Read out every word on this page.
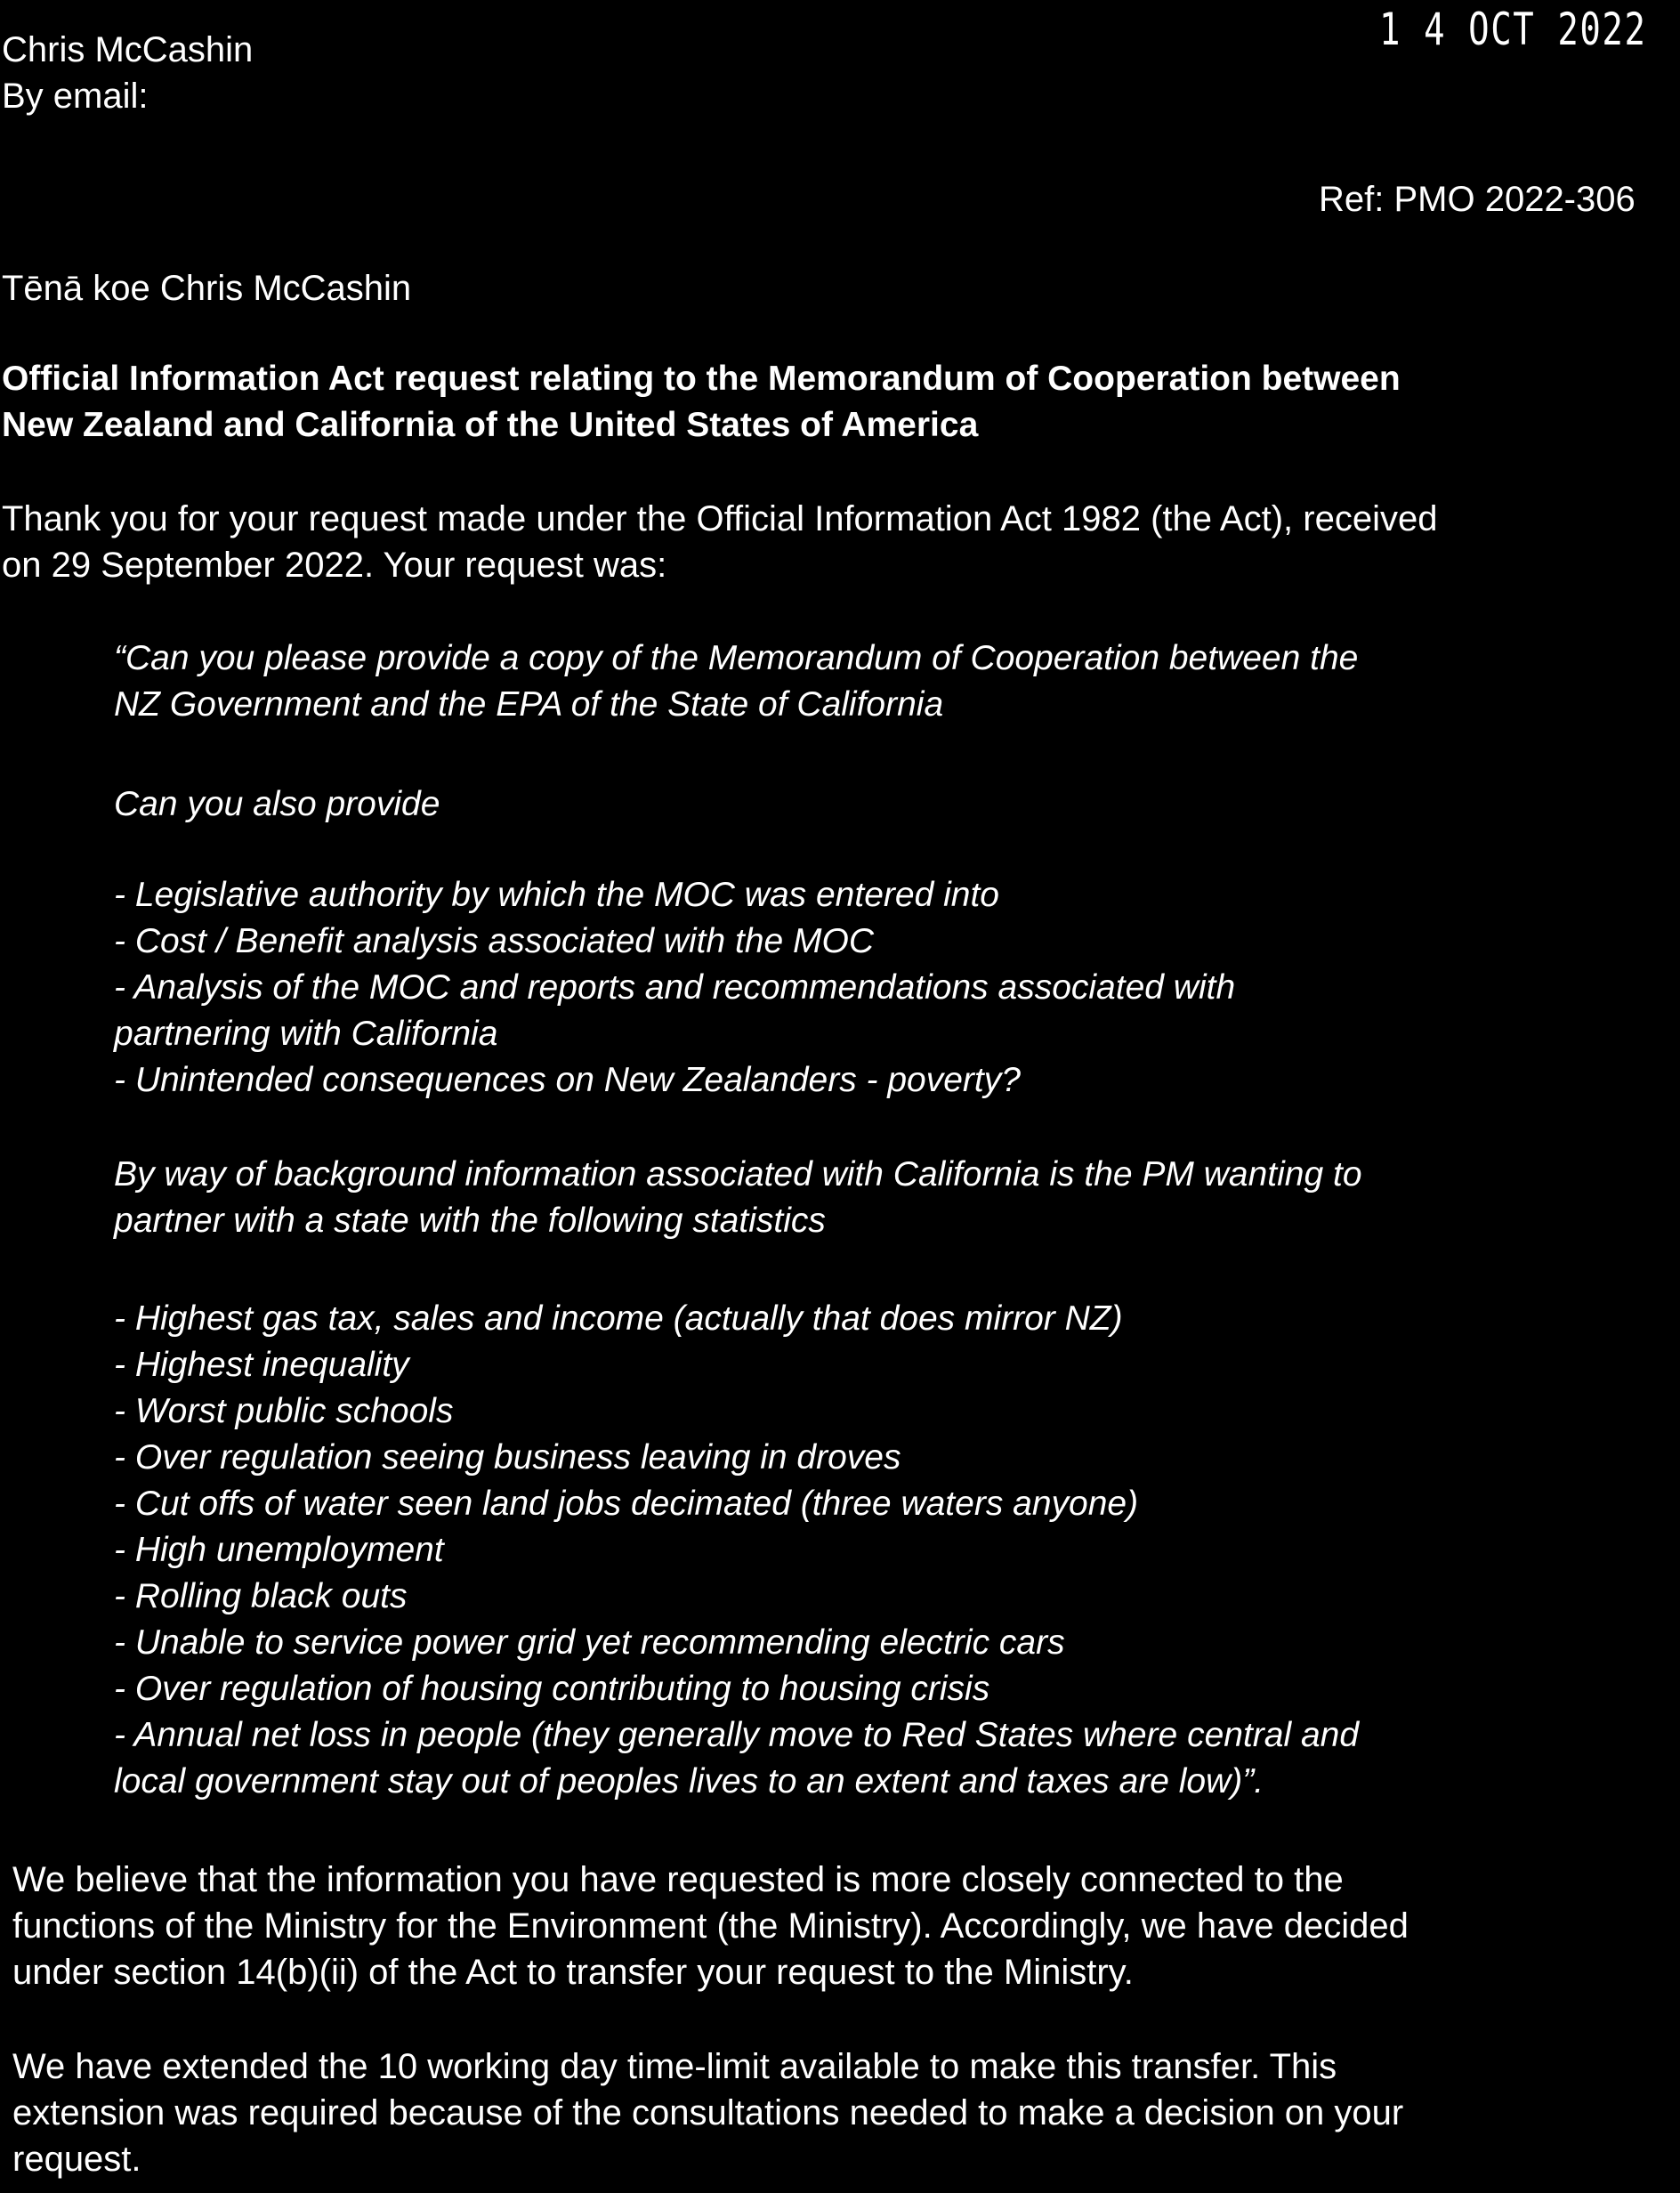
Chris McCashin
By email:
1 4 OCT 2022
Ref: PMO 2022-306
Tēnā koe Chris McCashin
Official Information Act request relating to the Memorandum of Cooperation between
New Zealand and California of the United States of America
Thank you for your request made under the Official Information Act 1982 (the Act), received
on 29 September 2022. Your request was:
“Can you please provide a copy of the Memorandum of Cooperation between the
NZ Government and the EPA of the State of California
Can you also provide
- Legislative authority by which the MOC was entered into
- Cost / Benefit analysis associated with the MOC
- Analysis of the MOC and reports and recommendations associated with
partnering with California
- Unintended consequences on New Zealanders - poverty?
By way of background information associated with California is the PM wanting to
partner with a state with the following statistics
- Highest gas tax, sales and income (actually that does mirror NZ)
- Highest inequality
- Worst public schools
- Over regulation seeing business leaving in droves
- Cut offs of water seen land jobs decimated (three waters anyone)
- High unemployment
- Rolling black outs
- Unable to service power grid yet recommending electric cars
- Over regulation of housing contributing to housing crisis
- Annual net loss in people (they generally move to Red States where central and
local government stay out of peoples lives to an extent and taxes are low)”.
We believe that the information you have requested is more closely connected to the
functions of the Ministry for the Environment (the Ministry). Accordingly, we have decided
under section 14(b)(ii) of the Act to transfer your request to the Ministry.
We have extended the 10 working day time-limit available to make this transfer. This
extension was required because of the consultations needed to make a decision on your
request.
